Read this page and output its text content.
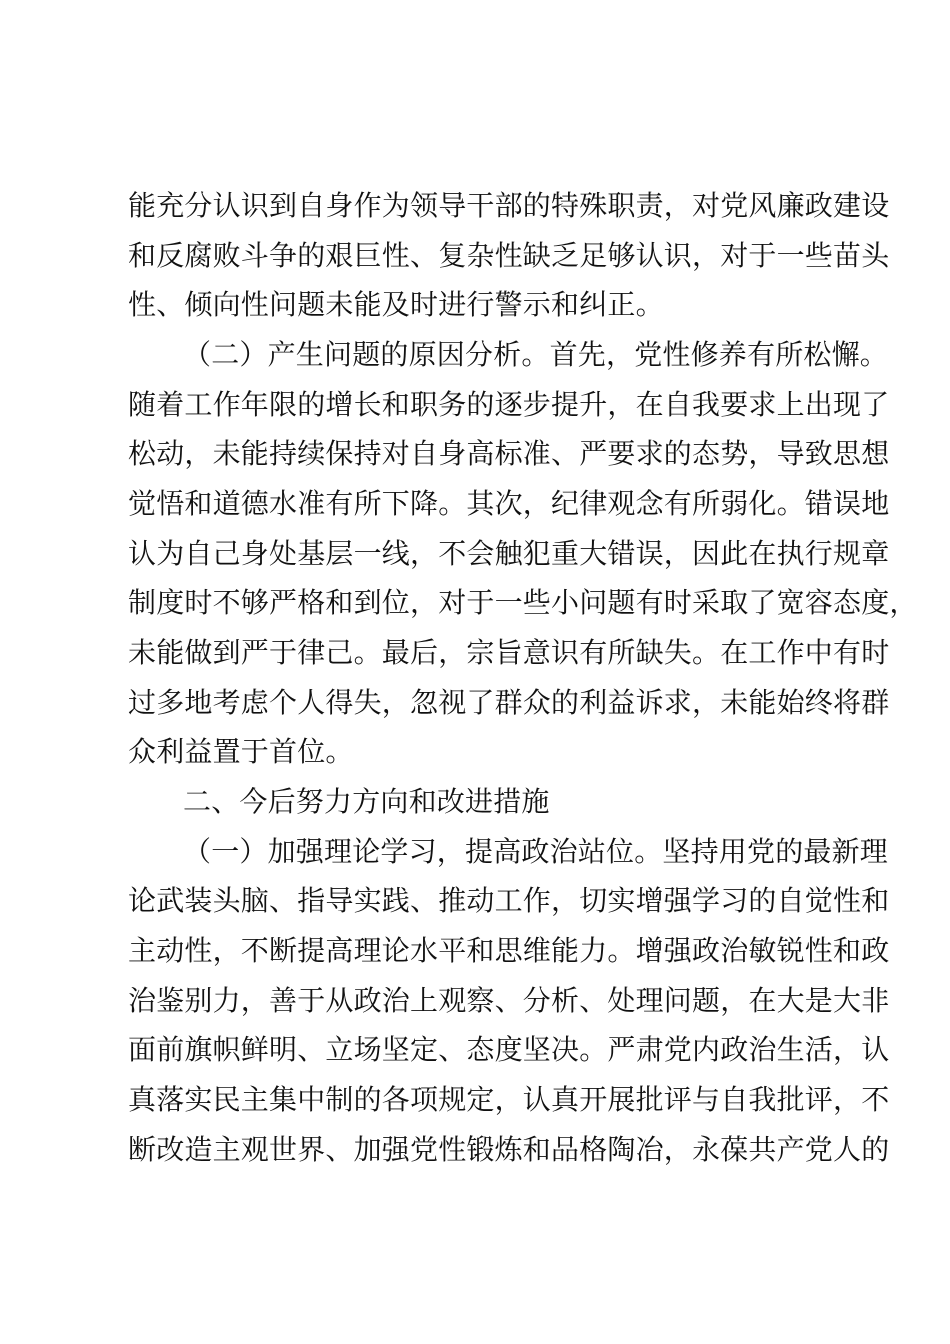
能充分认识到自身作为领导干部的特殊职责，对党风廉政建设
和反腐败斗争的艰巨性、复杂性缺乏足够认识，对于一些苗头
性、倾向性问题未能及时进行警示和纠正。
（二）产生问题的原因分析。首先，党性修养有所松懈。
随着工作年限的增长和职务的逐步提升，在自我要求上出现了
松动，未能持续保持对自身高标准、严要求的态势，导致思想
觉悟和道德水准有所下降。其次，纪律观念有所弱化。错误地
认为自己身处基层一线，不会触犯重大错误，因此在执行规章
制度时不够严格和到位，对于一些小问题有时采取了宽容态度，
未能做到严于律己。最后，宗旨意识有所缺失。在工作中有时
过多地考虑个人得失，忽视了群众的利益诉求，未能始终将群
众利益置于首位。
二、今后努力方向和改进措施
（一）加强理论学习，提高政治站位。坚持用党的最新理
论武装头脑、指导实践、推动工作，切实增强学习的自觉性和
主动性，不断提高理论水平和思维能力。增强政治敏锐性和政
治鉴别力，善于从政治上观察、分析、处理问题，在大是大非
面前旗帜鲜明、立场坚定、态度坚决。严肃党内政治生活，认
真落实民主集中制的各项规定，认真开展批评与自我批评，不
断改造主观世界、加强党性锻炼和品格陶冶，永葆共产党人的
